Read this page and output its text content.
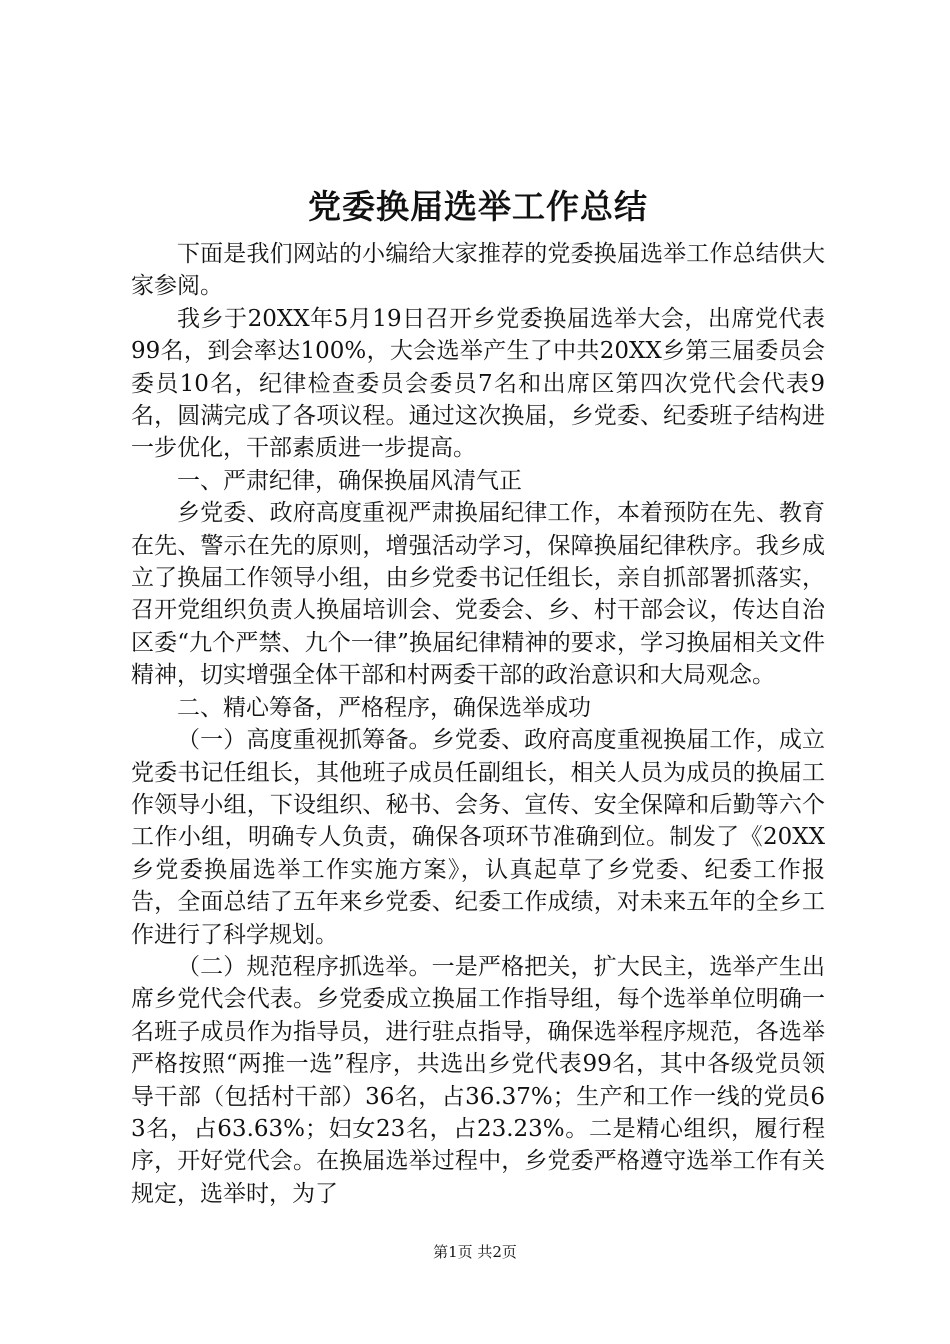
党委换届选举工作总结

下面是我们网站的小编给大家推荐的党委换届选举工作总结供大家参阅。

我乡于20XX年5月19日召开乡党委换届选举大会，出席党代表99名，到会率达100%，大会选举产生了中共20XX乡第三届委员会委员10名，纪律检查委员会委员7名和出席区第四次党代会代表9名，圆满完成了各项议程。通过这次换届，乡党委、纪委班子结构进一步优化，干部素质进一步提高。

一、严肃纪律，确保换届风清气正

乡党委、政府高度重视严肃换届纪律工作，本着预防在先、教育在先、警示在先的原则，增强活动学习，保障换届纪律秩序。我乡成立了换届工作领导小组，由乡党委书记任组长，亲自抓部署抓落实，召开党组织负责人换届培训会、党委会、乡、村干部会议，传达自治区委“九个严禁、九个一律”换届纪律精神的要求，学习换届相关文件精神，切实增强全体干部和村两委干部的政治意识和大局观念。

二、精心筹备，严格程序，确保选举成功

（一）高度重视抓筹备。乡党委、政府高度重视换届工作，成立党委书记任组长，其他班子成员任副组长，相关人员为成员的换届工作领导小组，下设组织、秘书、会务、宣传、安全保障和后勤等六个工作小组，明确专人负责，确保各项环节准确到位。制发了《20XX乡党委换届选举工作实施方案》，认真起草了乡党委、纪委工作报告，全面总结了五年来乡党委、纪委工作成绩，对未来五年的全乡工作进行了科学规划。

（二）规范程序抓选举。一是严格把关，扩大民主，选举产生出席乡党代会代表。乡党委成立换届工作指导组，每个选举单位明确一名班子成员作为指导员，进行驻点指导，确保选举程序规范，各选举严格按照“两推一选”程序，共选出乡党代表99名，其中各级党员领导干部（包括村干部）36名，占36.37%；生产和工作一线的党员63名，占63.63%；妇女23名，占23.23%。二是精心组织，履行程序，开好党代会。在换届选举过程中，乡党委严格遵守选举工作有关规定，选举时，为了

第1页 共2页
